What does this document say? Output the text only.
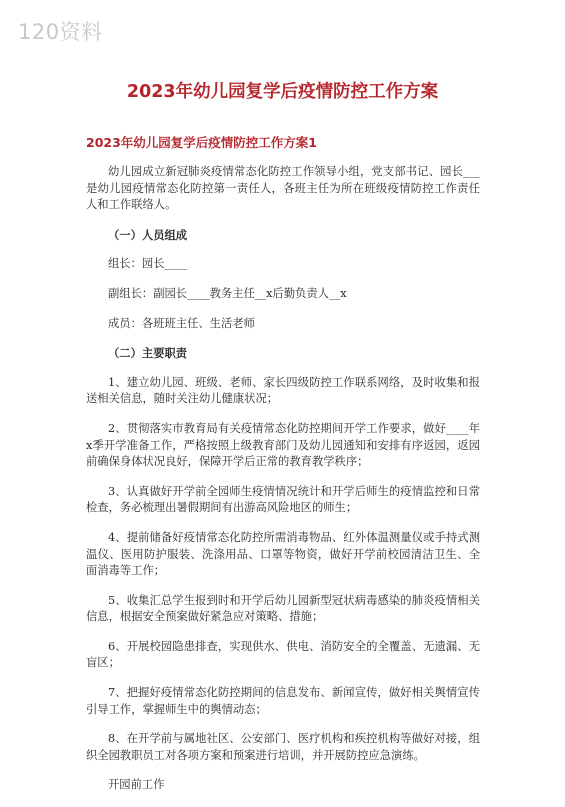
120资料
2023年幼儿园复学后疫情防控工作方案
2023年幼儿园复学后疫情防控工作方案1

幼儿园成立新冠肺炎疫情常态化防控工作领导小组，党支部书记、园长___是幼儿园疫情常态化防控第一责任人，各班主任为所在班级疫情防控工作责任人和工作联络人。

（一）人员组成

组长：园长____

副组长：副园长____教务主任__x后勤负责人__x

成员：各班班主任、生活老师

（二）主要职责

1、建立幼儿园、班级、老师、家长四级防控工作联系网络，及时收集和报送相关信息，随时关注幼儿健康状况；

2、贯彻落实市教育局有关疫情常态化防控期间开学工作要求，做好____年x季开学准备工作，严格按照上级教育部门及幼儿园通知和安排有序返园，返园前确保身体状况良好，保障开学后正常的教育教学秩序；

3、认真做好开学前全园师生疫情情况统计和开学后师生的疫情监控和日常检查，务必梳理出暑假期间有出游高风险地区的师生；

4、提前储备好疫情常态化防控所需消毒物品、红外体温测量仪或手持式测温仪、医用防护服装、洗涤用品、口罩等物资，做好开学前校园清洁卫生、全面消毒等工作；

5、收集汇总学生报到时和开学后幼儿园新型冠状病毒感染的肺炎疫情相关信息，根据安全预案做好紧急应对策略、措施；

6、开展校园隐患排查，实现供水、供电、消防安全的全覆盖、无遗漏、无盲区；

7、把握好疫情常态化防控期间的信息发布、新闻宣传，做好相关舆情宣传引导工作，掌握师生中的舆情动态；

8、在开学前与属地社区、公安部门、医疗机构和疾控机构等做好对接，组织全园教职员工对各项方案和预案进行培训，并开展防控应急演练。

开园前工作
